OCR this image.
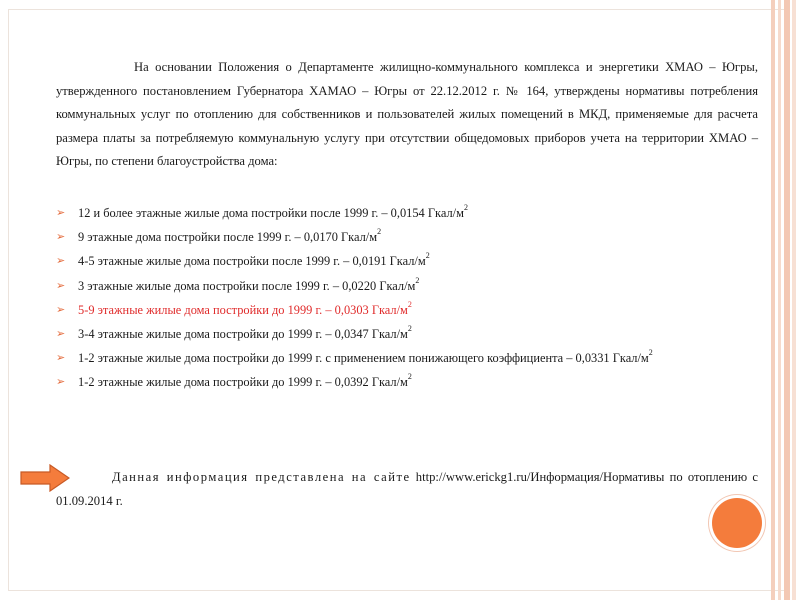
На основании Положения о Департаменте жилищно-коммунального комплекса и энергетики ХМАО – Югры, утвержденного постановлением Губернатора ХАМАО – Югры от 22.12.2012 г. № 164, утверждены нормативы потребления коммунальных услуг по отоплению для собственников и пользователей жилых помещений в МКД, применяемые для расчета размера платы за потребляемую коммунальную услугу при отсутствии общедомовых приборов учета на территории ХМАО – Югры, по степени благоустройства дома:

➢ 12 и более этажные жилые дома постройки после 1999 г. – 0,0154 Гкал/$м^2$
➢ 9 этажные дома постройки после 1999 г. – 0,0170 Гкал/$м^2$
➢ 4-5 этажные жилые дома постройки после 1999 г. – 0,0191 Гкал/$м^2$
➢ 3 этажные жилые дома постройки после 1999 г. – 0,0220 Гкал/$м^2$
➢ 5-9 этажные жилые дома постройки до 1999 г. – 0,0303 Гкал/$м^2$
➢ 3-4 этажные жилые дома постройки до 1999 г. – 0,0347 Гкал/$м^2$
➢ 1-2 этажные жилые дома постройки до 1999 г. с применением понижающего коэффициента – 0,0331 Гкал/$м^2$
➢ 1-2 этажные жилые дома постройки до 1999 г. – 0,0392 Гкал/$м^2$

Данная информация представлена на сайте http://www.erickg1.ru/Информация/Нормативы по отоплению с 01.09.2014 г.
